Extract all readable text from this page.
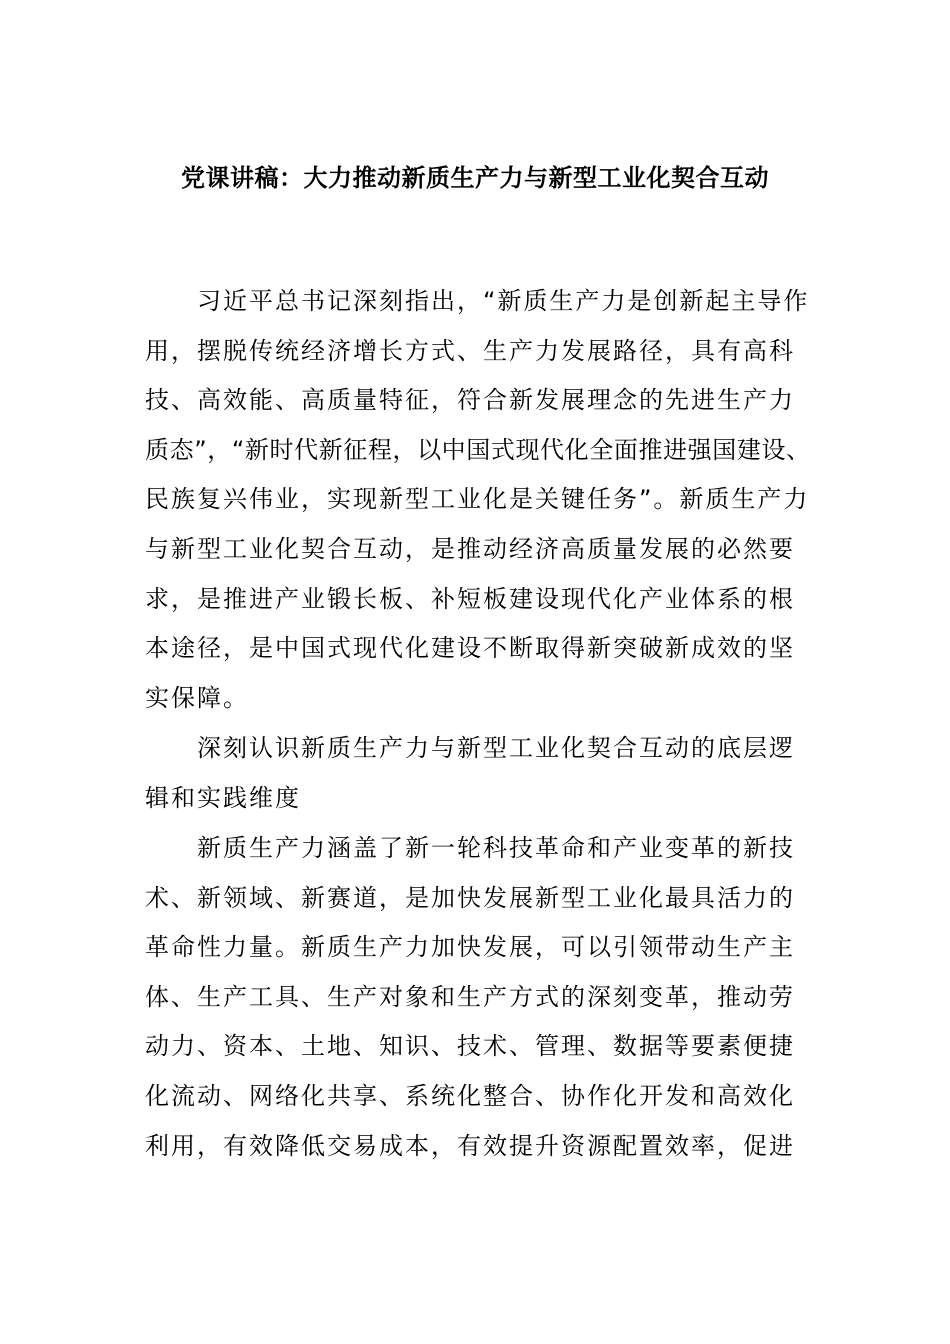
党课讲稿：大力推动新质生产力与新型工业化契合互动
习近平总书记深刻指出，“新质生产力是创新起主导作
用，摆脱传统经济增长方式、生产力发展路径，具有高科
技、高效能、高质量特征，符合新发展理念的先进生产力
质态”，“新时代新征程，以中国式现代化全面推进强国建设、
民族复兴伟业，实现新型工业化是关键任务”。新质生产力
与新型工业化契合互动，是推动经济高质量发展的必然要
求，是推进产业锻长板、补短板建设现代化产业体系的根
本途径，是中国式现代化建设不断取得新突破新成效的坚
实保障。
深刻认识新质生产力与新型工业化契合互动的底层逻
辑和实践维度
新质生产力涵盖了新一轮科技革命和产业变革的新技
术、新领域、新赛道，是加快发展新型工业化最具活力的
革命性力量。新质生产力加快发展，可以引领带动生产主
体、生产工具、生产对象和生产方式的深刻变革，推动劳
动力、资本、土地、知识、技术、管理、数据等要素便捷
化流动、网络化共享、系统化整合、协作化开发和高效化
利用，有效降低交易成本，有效提升资源配置效率，促进
